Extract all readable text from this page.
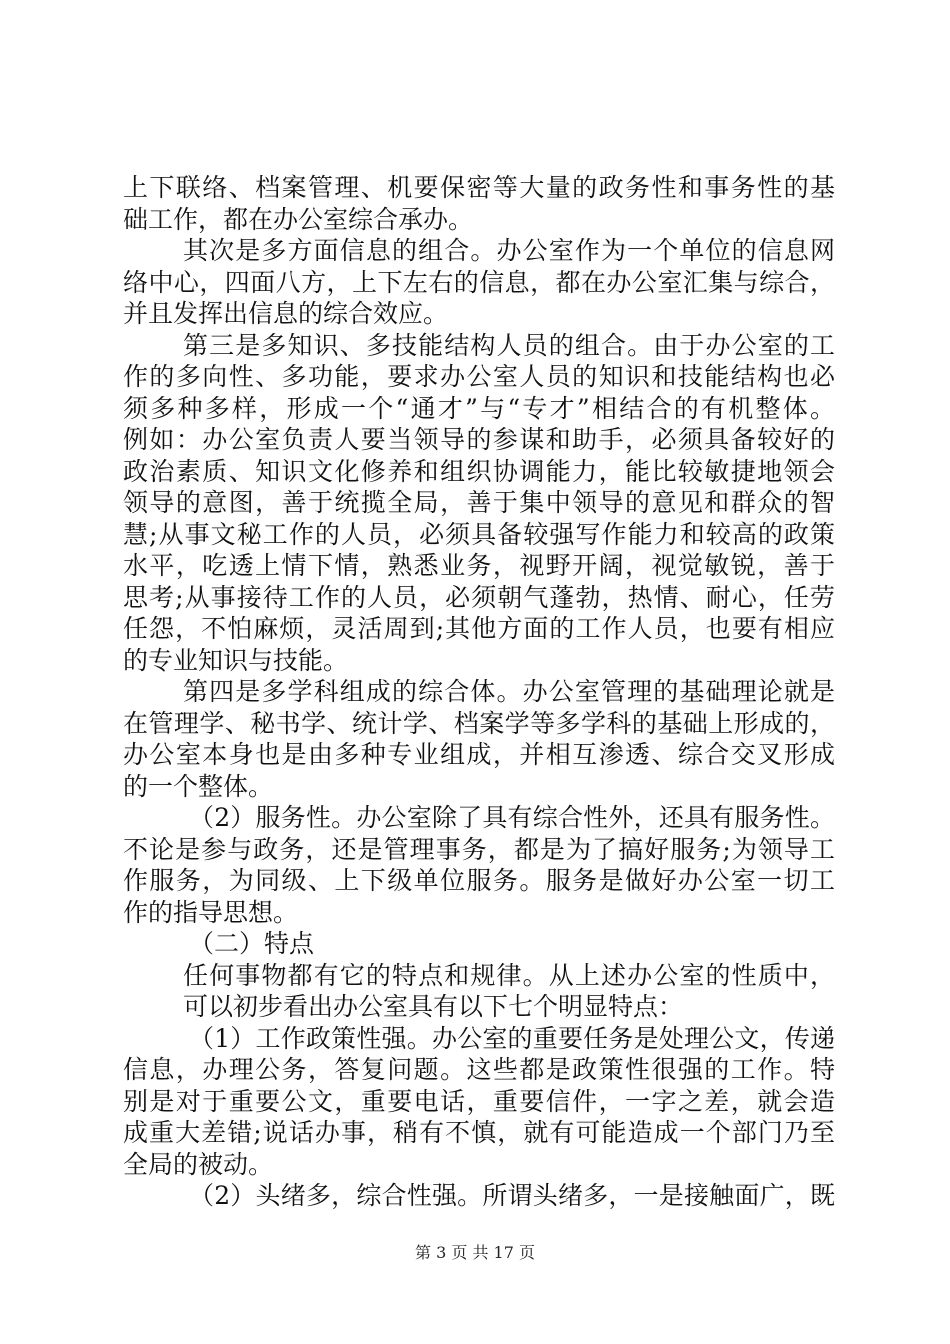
上下联络、档案管理、机要保密等大量的政务性和事务性的基
础工作，都在办公室综合承办。
其次是多方面信息的组合。办公室作为一个单位的信息网
络中心，四面八方，上下左右的信息，都在办公室汇集与综合，
并且发挥出信息的综合效应。
第三是多知识、多技能结构人员的组合。由于办公室的工
作的多向性、多功能，要求办公室人员的知识和技能结构也必
须多种多样，形成一个“通才”与“专才”相结合的有机整体。
例如：办公室负责人要当领导的参谋和助手，必须具备较好的
政治素质、知识文化修养和组织协调能力，能比较敏捷地领会
领导的意图，善于统揽全局，善于集中领导的意见和群众的智
慧;从事文秘工作的人员，必须具备较强写作能力和较高的政策
水平，吃透上情下情，熟悉业务，视野开阔，视觉敏锐，善于
思考;从事接待工作的人员，必须朝气蓬勃，热情、耐心，任劳
任怨，不怕麻烦，灵活周到;其他方面的工作人员，也要有相应
的专业知识与技能。
第四是多学科组成的综合体。办公室管理的基础理论就是
在管理学、秘书学、统计学、档案学等多学科的基础上形成的，
办公室本身也是由多种专业组成，并相互渗透、综合交叉形成
的一个整体。
（2）服务性。办公室除了具有综合性外，还具有服务性。
不论是参与政务，还是管理事务，都是为了搞好服务;为领导工
作服务，为同级、上下级单位服务。服务是做好办公室一切工
作的指导思想。
（二）特点
任何事物都有它的特点和规律。从上述办公室的性质中，
可以初步看出办公室具有以下七个明显特点：
（1）工作政策性强。办公室的重要任务是处理公文，传递
信息，办理公务，答复问题。这些都是政策性很强的工作。特
别是对于重要公文，重要电话，重要信件，一字之差，就会造
成重大差错;说话办事，稍有不慎，就有可能造成一个部门乃至
全局的被动。
（2）头绪多，综合性强。所谓头绪多，一是接触面广，既
第 3 页 共 17 页
